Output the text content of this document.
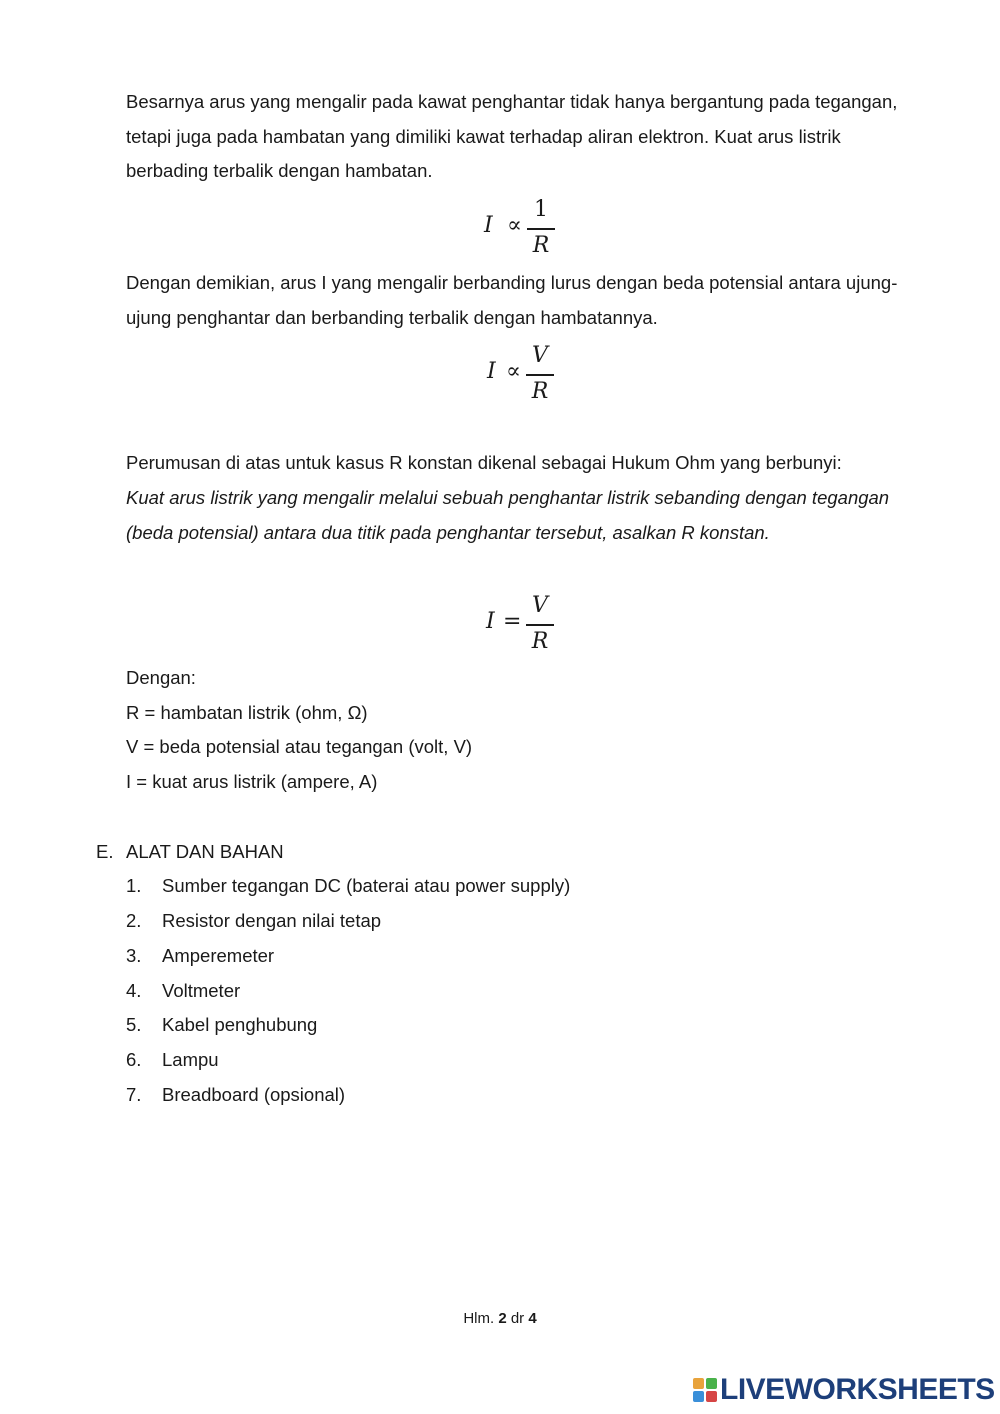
Besarnya arus yang mengalir pada kawat penghantar tidak hanya bergantung pada tegangan, tetapi juga pada hambatan yang dimiliki kawat terhadap aliran elektron. Kuat arus listrik berbading terbalik dengan hambatan.

I ∝
1
R

Dengan demikian, arus I yang mengalir berbanding lurus dengan beda potensial antara ujung-ujung penghantar dan berbanding terbalik dengan hambatannya.

I ∝
V
R

Perumusan di atas untuk kasus R konstan dikenal sebagai Hukum Ohm yang berbunyi:

Kuat arus listrik yang mengalir melalui sebuah penghantar listrik sebanding dengan tegangan (beda potensial) antara dua titik pada penghantar tersebut, asalkan R konstan.

I =
V
R
Dengan:
R = hambatan listrik (ohm, Ω)
V = beda potensial atau tegangan (volt, V)
I = kuat arus listrik (ampere, A)
E. ALAT DAN BAHAN
1. Sumber tegangan DC (baterai atau power supply)
2. Resistor dengan nilai tetap
3. Amperemeter
4. Voltmeter
5. Kabel penghubung
6. Lampu
7. Breadboard (opsional)
Hlm. 2 dr 4
LIVEWORKSHEETS
